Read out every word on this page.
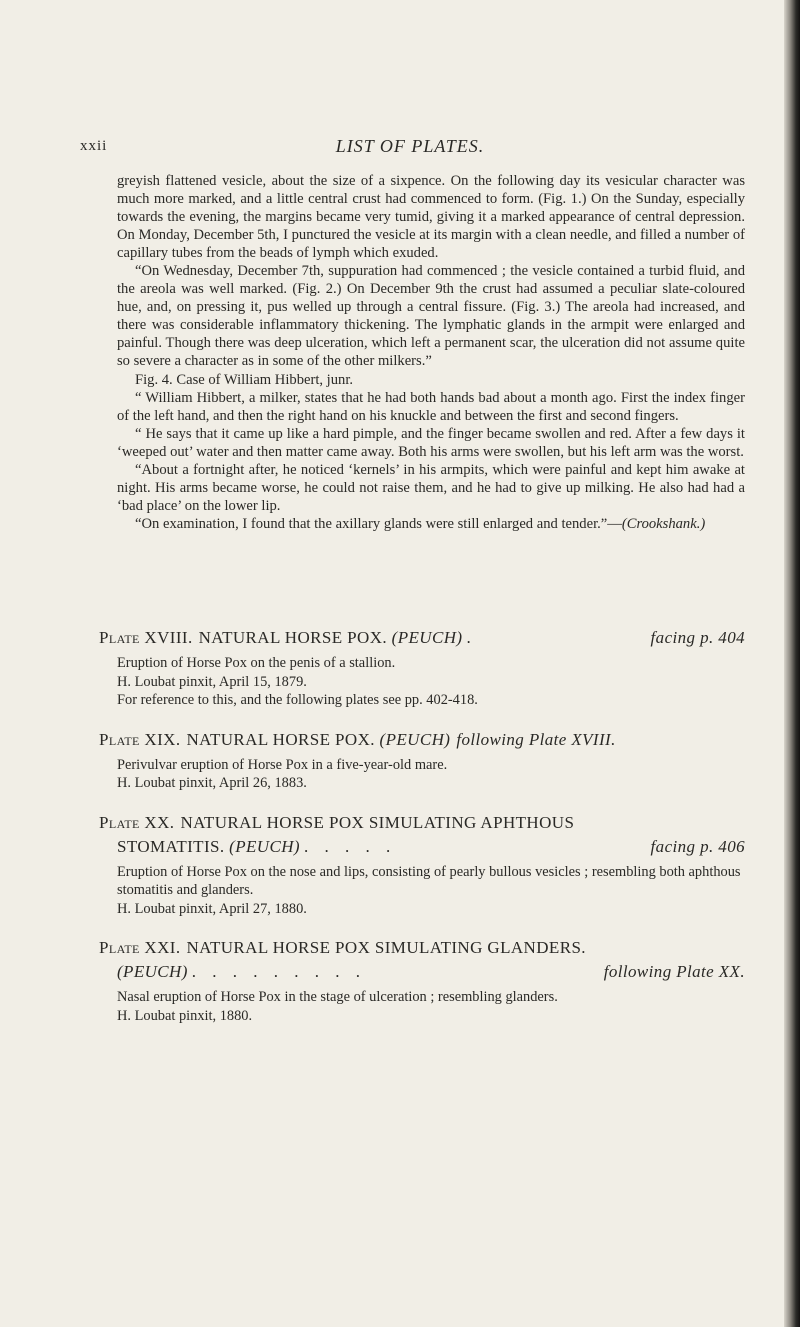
xxii	LIST OF PLATES.

greyish flattened vesicle, about the size of a sixpence. On the following day its vesicular character was much more marked, and a little central crust had commenced to form. (Fig. 1.) On the Sunday, especially towards the evening, the margins became very tumid, giving it a marked appearance of central depression. On Monday, December 5th, I punctured the vesicle at its margin with a clean needle, and filled a number of capillary tubes from the beads of lymph which exuded.

“On Wednesday, December 7th, suppuration had commenced ; the vesicle contained a turbid fluid, and the areola was well marked. (Fig. 2.) On December 9th the crust had assumed a peculiar slate-coloured hue, and, on pressing it, pus welled up through a central fissure. (Fig. 3.) The areola had increased, and there was considerable inflammatory thickening. The lymphatic glands in the armpit were enlarged and painful. Though there was deep ulceration, which left a permanent scar, the ulceration did not assume quite so severe a character as in some of the other milkers.”

Fig. 4. Case of William Hibbert, junr.

“ William Hibbert, a milker, states that he had both hands bad about a month ago. First the index finger of the left hand, and then the right hand on his knuckle and between the first and second fingers.

“ He says that it came up like a hard pimple, and the finger became swollen and red. After a few days it ‘weeped out’ water and then matter came away. Both his arms were swollen, but his left arm was the worst.

“About a fortnight after, he noticed ‘kernels’ in his armpits, which were painful and kept him awake at night. His arms became worse, he could not raise them, and he had to give up milking. He also had had a ‘bad place’ on the lower lip.

“On examination, I found that the axillary glands were still enlarged and tender.”—(Crookshank.)

Plate XVIII. NATURAL HORSE POX.
(PEUCH) .	facing p. 404
Eruption of Horse Pox on the penis of a stallion.
H. Loubat pinxit, April 15, 1879.
For reference to this, and the following plates see pp. 402-418.
Plate XIX. NATURAL HORSE POX.
(PEUCH) following Plate XVIII.
Perivulvar eruption of Horse Pox in a five-year-old mare.
H. Loubat pinxit, April 26, 1883.
Plate XX. NATURAL HORSE POX SIMULATING APHTHOUS
STOMATITIS.
(PEUCH) . . . . .	facing p. 406
Eruption of Horse Pox on the nose and lips, consisting of pearly bullous vesicles ; resembling both aphthous stomatitis and glanders.
H. Loubat pinxit, April 27, 1880.
Plate XXI. NATURAL HORSE POX SIMULATING GLANDERS.
(PEUCH) . . . . . . . . .	following Plate XX.
Nasal eruption of Horse Pox in the stage of ulceration ; resembling glanders.
H. Loubat pinxit, 1880.
